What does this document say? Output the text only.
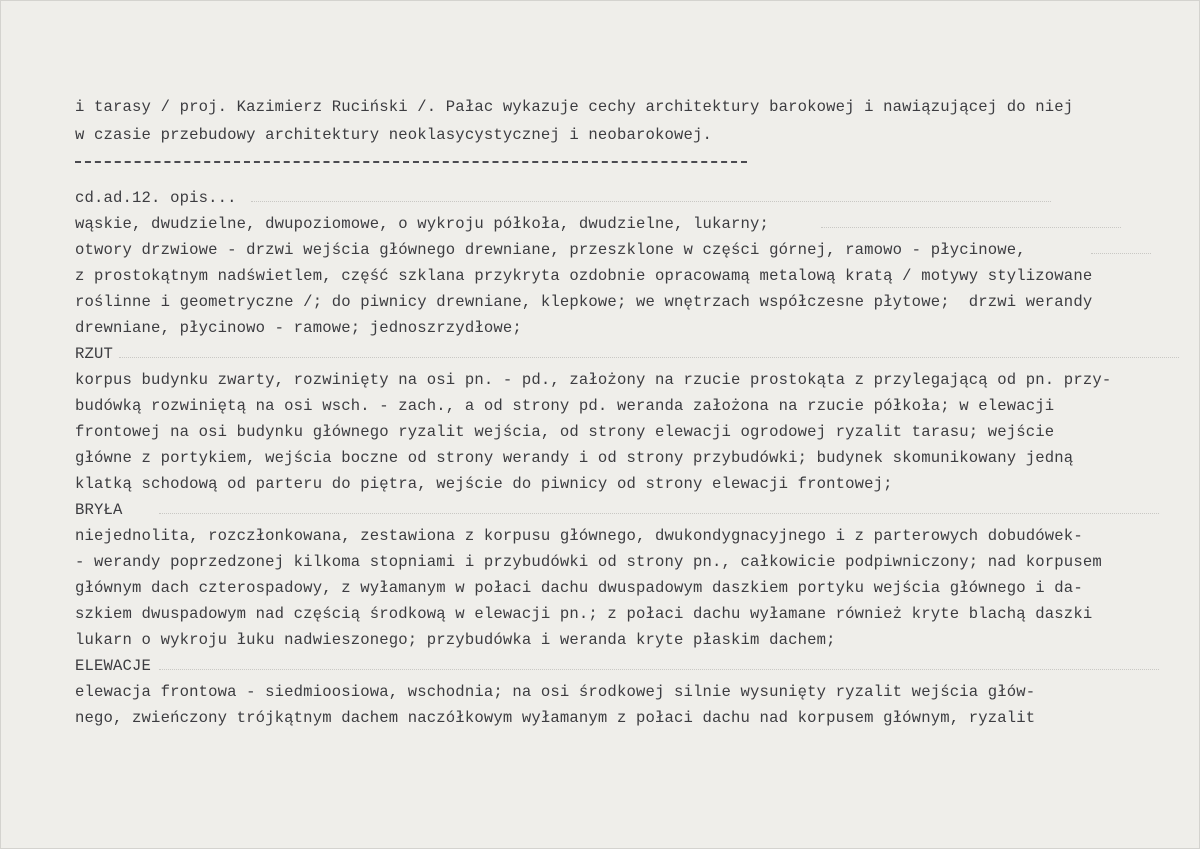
i tarasy / proj. Kazimierz Ruciński /. Pałac wykazuje cechy architektury barokowej i nawiązującej do niej
w czasie przebudowy architektury neoklasycystycznej i neobarokowej.
cd.ad.12. opis...
wąskie, dwudzielne, dwupoziomowe, o wykroju półkoła, dwudzielne, lukarny;
otwory drzwiowe - drzwi wejścia głównego drewniane, przeszklone w części górnej, ramowo - płycinowe,
z prostokątnym nadświetlem, część szklana przykryta ozdobnie opracowamą metalową kratą / motywy stylizowane
roślinne i geometryczne /; do piwnicy drewniane, klepkowe; we wnętrzach współczesne płytowe;  drzwi werandy
drewniane, płycinowo - ramowe; jednoszrzydłowe;
RZUT
korpus budynku zwarty, rozwinięty na osi pn. - pd., założony na rzucie prostokąta z przylegającą od pn. przy-
budówką rozwiniętą na osi wsch. - zach., a od strony pd. weranda założona na rzucie półkoła; w elewacji
frontowej na osi budynku głównego ryzalit wejścia, od strony elewacji ogrodowej ryzalit tarasu; wejście
główne z portykiem, wejścia boczne od strony werandy i od strony przybudówki; budynek skomunikowany jedną
klatką schodową od parteru do piętra, wejście do piwnicy od strony elewacji frontowej;
BRYŁA
niejednolita, rozczłonkowana, zestawiona z korpusu głównego, dwukondygnacyjnego i z parterowych dobudówek-
- werandy poprzedzonej kilkoma stopniami i przybudówki od strony pn., całkowicie podpiwniczony; nad korpusem
głównym dach czterospadowy, z wyłamanym w połaci dachu dwuspadowym daszkiem portyku wejścia głównego i da-
szkiem dwuspadowym nad częścią środkową w elewacji pn.; z połaci dachu wyłamane również kryte blachą daszki
lukarn o wykroju łuku nadwieszonego; przybudówka i weranda kryte płaskim dachem;
ELEWACJE
elewacja frontowa - siedmioosiowa, wschodnia; na osi środkowej silnie wysunięty ryzalit wejścia głów-
nego, zwieńczony trójkątnym dachem naczółkowym wyłamanym z połaci dachu nad korpusem głównym, ryzalit
